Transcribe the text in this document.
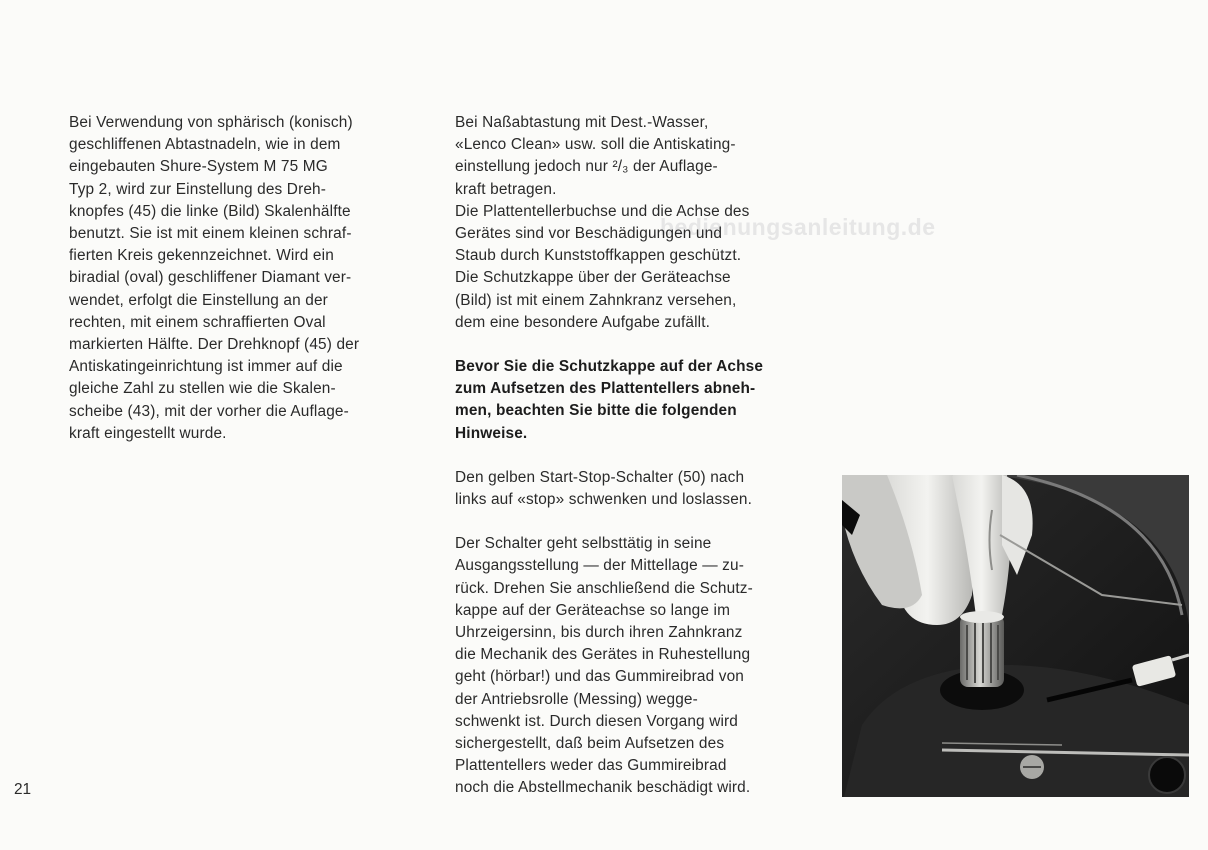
bedienungsanleitung.de

Bei Verwendung von sphärisch (konisch)
geschliffenen Abtastnadeln, wie in dem
eingebauten Shure-System M 75 MG
Typ 2, wird zur Einstellung des Dreh-
knopfes (45) die linke (Bild) Skalenhälfte
benutzt. Sie ist mit einem kleinen schraf-
fierten Kreis gekennzeichnet. Wird ein
biradial (oval) geschliffener Diamant ver-
wendet, erfolgt die Einstellung an der
rechten, mit einem schraffierten Oval
markierten Hälfte. Der Drehknopf (45) der
Antiskatingeinrichtung ist immer auf die
gleiche Zahl zu stellen wie die Skalen-
scheibe (43), mit der vorher die Auflage-
kraft eingestellt wurde.

Bei Naßabtastung mit Dest.-Wasser,
«Lenco Clean» usw. soll die Antiskating-
einstellung jedoch nur ²/₃ der Auflage-
kraft betragen.
Die Plattentellerbuchse und die Achse des
Gerätes sind vor Beschädigungen und
Staub durch Kunststoffkappen geschützt.
Die Schutzkappe über der Geräteachse
(Bild) ist mit einem Zahnkranz versehen,
dem eine besondere Aufgabe zufällt.

Bevor Sie die Schutzkappe auf der Achse
zum Aufsetzen des Plattentellers abneh-
men, beachten Sie bitte die folgenden
Hinweise.

Den gelben Start-Stop-Schalter (50) nach
links auf «stop» schwenken und loslassen.

Der Schalter geht selbsttätig in seine
Ausgangsstellung — der Mittellage — zu-
rück. Drehen Sie anschließend die Schutz-
kappe auf der Geräteachse so lange im
Uhrzeigersinn, bis durch ihren Zahnkranz
die Mechanik des Gerätes in Ruhestellung
geht (hörbar!) und das Gummireibrad von
der Antriebsrolle (Messing) wegge-
schwenkt ist. Durch diesen Vorgang wird
sichergestellt, daß beim Aufsetzen des
Plattentellers weder das Gummireibrad
noch die Abstellmechanik beschädigt wird.

21
